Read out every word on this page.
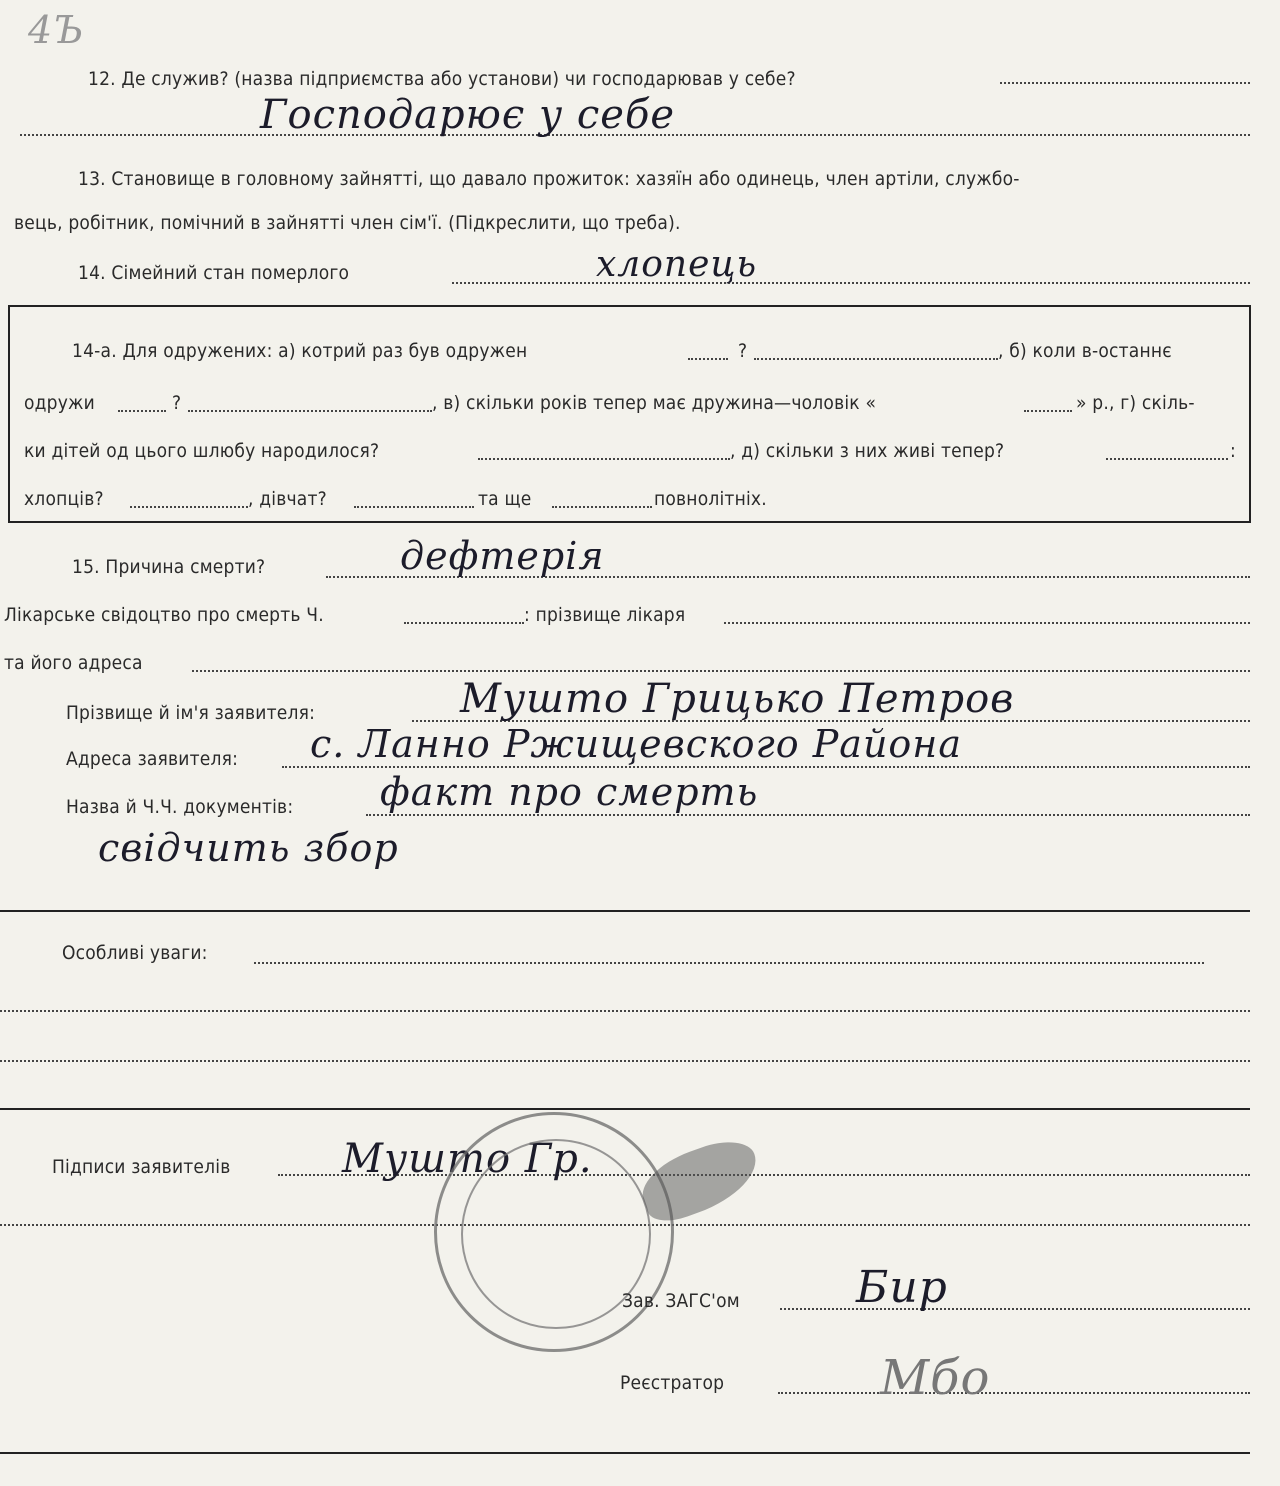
4Ъ
12. Де служив? (назва підприємства або установи) чи господарював у себе?
Господарює у себе
13. Становище в головному зайнятті, що давало прожиток: хазяїн або одинець, член артіли, службо-
вець, робітник, помічний в зайнятті член сім'ї. (Підкреслити, що треба).
14. Сімейний стан померлого	хлопець
14-а. Для одружених: а) котрий раз був одружен	?	, б) коли в-останнє
одружи	?	, в) скільки років тепер має дружина—чоловік «	» р., г) скіль-
ки дітей од цього шлюбу народилося?	, д) скільки з них живі тепер?	:
хлопців?	, дівчат?	та ще	повнолітніх.
15. Причина смерти?	дефтерія
Лікарське свідоцтво про смерть Ч.	: прізвище лікаря
та його адреса
Прізвище й ім'я заявителя:	Мушто Грицько Петров
Адреса заявителя: с. Ланно Ржищевского Района
Назва й Ч.Ч. документів: факт про смерть
свідчить збор
Особливі уваги:
Підписи заявителів	Мушто Гр.
Зав. ЗАГС'ом	Бир
Реєстратор	Мбо
